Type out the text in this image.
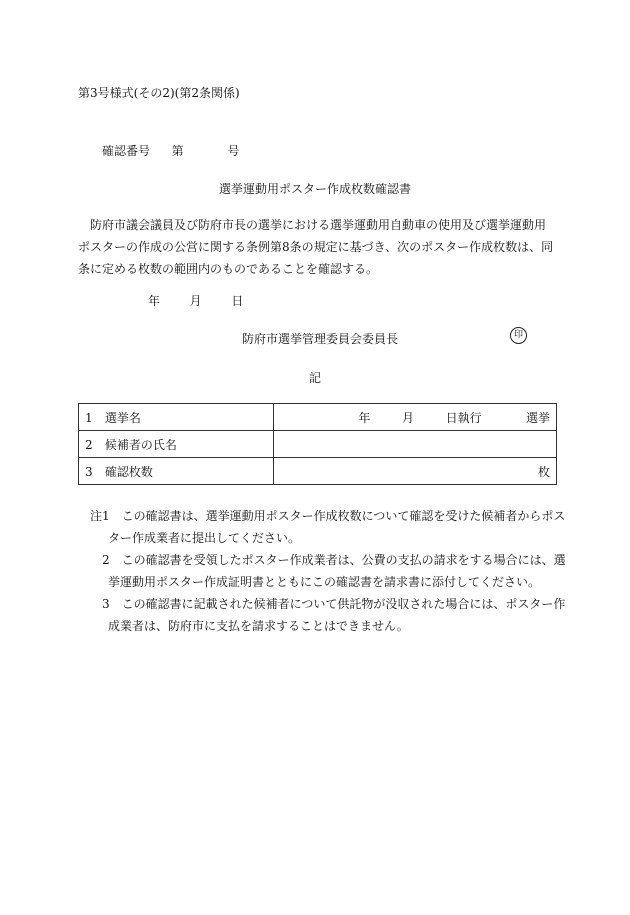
第3号様式(その2)(第2条関係)
確認番号 第	号
選挙運動用ポスター作成枚数確認書
　防府市議会議員及び防府市長の選挙における選挙運動用自動車の使用及び選挙運動用
ポスターの作成の公営に関する条例第8条の規定に基づき、次のポスター作成枚数は、同
条に定める枚数の範囲内のものであることを確認する。
年 月 日
防府市選挙管理委員会委員長	印
記
1 選挙名	年 月 日執行 選挙

2 候補者の氏名	
3 確認枚数	枚
注1　この確認書は、選挙運動用ポスター作成枚数について確認を受けた候補者からポス
ター作成業者に提出してください。
　2　この確認書を受領したポスター作成業者は、公費の支払の請求をする場合には、選
挙運動用ポスター作成証明書とともにこの確認書を請求書に添付してください。
　3　この確認書に記載された候補者について供託物が没収された場合には、ポスター作
成業者は、防府市に支払を請求することはできません。
